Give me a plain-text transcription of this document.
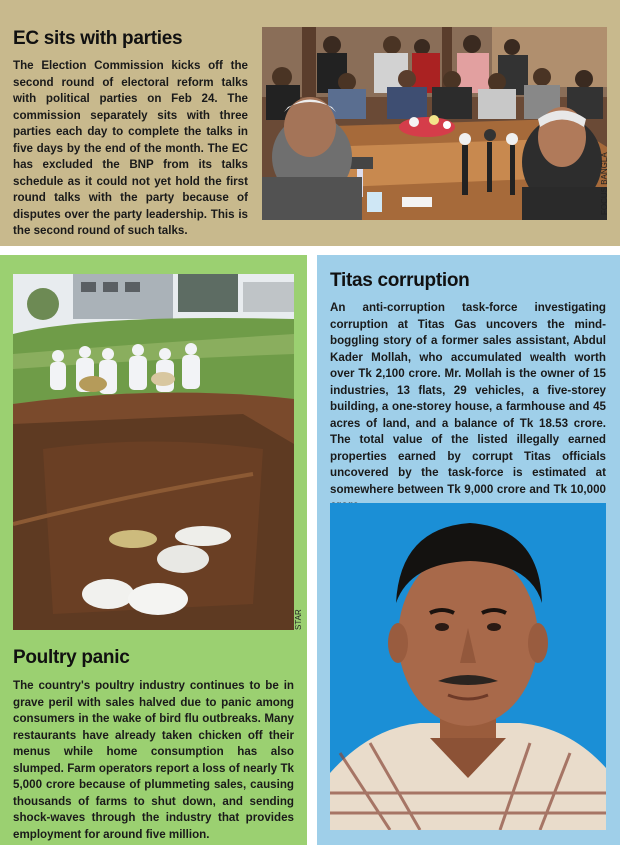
EC sits with parties

The Election Commission kicks off the second round of electoral reform talks with political parties on Feb 24. The commission separately sits with three parties each day to complete the talks in five days by the end of the month. The EC has excluded the BNP from its talks schedule as it could not yet hold the first round talks with the party because of disputes over the party leadership. This is the second round of such talks.

FOCUS BANGLA
STAR
Poultry panic

The country's poultry industry continues to be in grave peril with sales halved due to panic among consumers in the wake of bird flu outbreaks. Many restaurants have already taken chicken off their menus while home consumption has also slumped. Farm operators report a loss of nearly Tk 5,000 crore because of plummeting sales, causing thousands of farms to shut down, and sending shock-waves through the industry that provides employment for around five million.

Titas corruption

An anti-corruption task-force investigating corruption at Titas Gas uncovers the mind-boggling story of a former sales assistant, Abdul Kader Mollah, who accumulated wealth worth over Tk 2,100 crore. Mr. Mollah is the owner of 15 industries, 13 flats, 29 vehicles, a five-storey building, a one-storey house, a farmhouse and 45 acres of land, and a balance of Tk 18.53 crore. The total value of the listed illegally earned properties earned by corrupt Titas officials uncovered by the task-force is estimated at somewhere between Tk 9,000 crore and Tk 10,000
